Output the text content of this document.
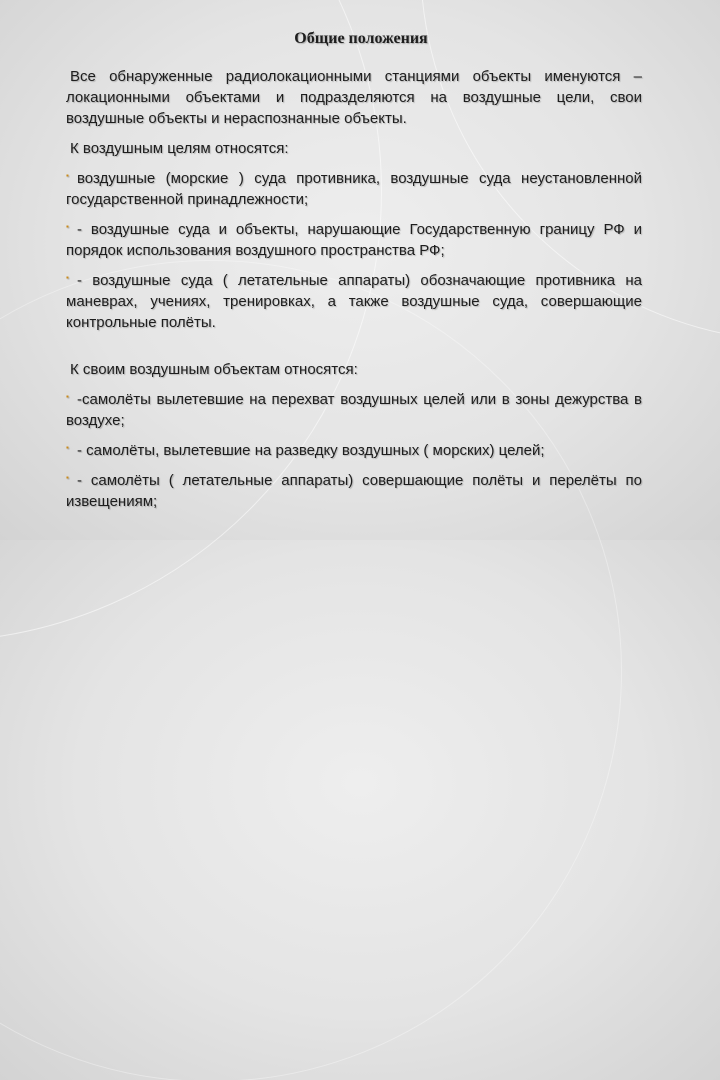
Общие положения

Все обнаруженные радиолокационными станциями объекты именуются – локационными объектами и подразделяются на воздушные цели, свои воздушные объекты и нераспознанные объекты.

К воздушным целям относятся:

▪ воздушные (морские ) суда противника, воздушные суда неустановленной государственной принадлежности;

▪ - воздушные суда и объекты, нарушающие Государственную границу РФ и порядок использования воздушного пространства РФ;

▪ - воздушные суда ( летательные аппараты) обозначающие противника на маневрах, учениях, тренировках, а также воздушные суда, совершающие контрольные полёты.

К своим воздушным объектам относятся:

▪ -самолёты вылетевшие на перехват воздушных целей или в зоны дежурства в воздухе;

▪ - самолёты, вылетевшие на разведку воздушных ( морских) целей;

▪ - самолёты ( летательные аппараты) совершающие полёты и перелёты по извещениям;
